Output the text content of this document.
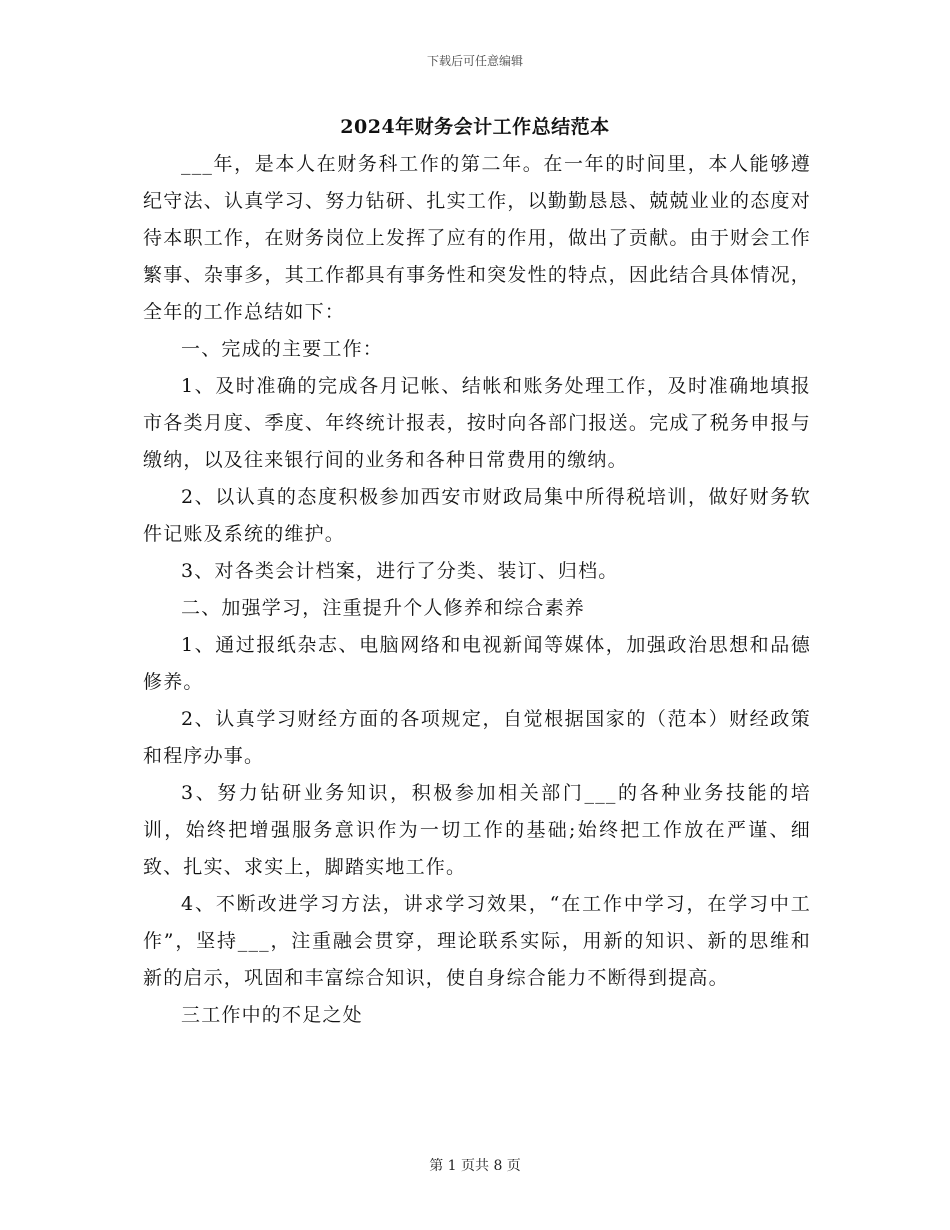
下载后可任意编辑
2024年财务会计工作总结范本

___年，是本人在财务科工作的第二年。在一年的时间里，本人能够遵纪守法、认真学习、努力钻研、扎实工作，以勤勤恳恳、兢兢业业的态度对待本职工作，在财务岗位上发挥了应有的作用，做出了贡献。由于财会工作繁事、杂事多，其工作都具有事务性和突发性的特点，因此结合具体情况，全年的工作总结如下：

一、完成的主要工作：

1、及时准确的完成各月记帐、结帐和账务处理工作，及时准确地填报市各类月度、季度、年终统计报表，按时向各部门报送。完成了税务申报与缴纳，以及往来银行间的业务和各种日常费用的缴纳。

2、以认真的态度积极参加西安市财政局集中所得税培训，做好财务软件记账及系统的维护。

3、对各类会计档案，进行了分类、装订、归档。

二、加强学习，注重提升个人修养和综合素养

1、通过报纸杂志、电脑网络和电视新闻等媒体，加强政治思想和品德修养。

2、认真学习财经方面的各项规定，自觉根据国家的（范本）财经政策和程序办事。

3、努力钻研业务知识，积极参加相关部门___的各种业务技能的培训，始终把增强服务意识作为一切工作的基础;始终把工作放在严谨、细致、扎实、求实上，脚踏实地工作。

4、不断改进学习方法，讲求学习效果，“在工作中学习，在学习中工作”，坚持___，注重融会贯穿，理论联系实际，用新的知识、新的思维和新的启示，巩固和丰富综合知识，使自身综合能力不断得到提高。

三工作中的不足之处

第 1 页共 8 页
